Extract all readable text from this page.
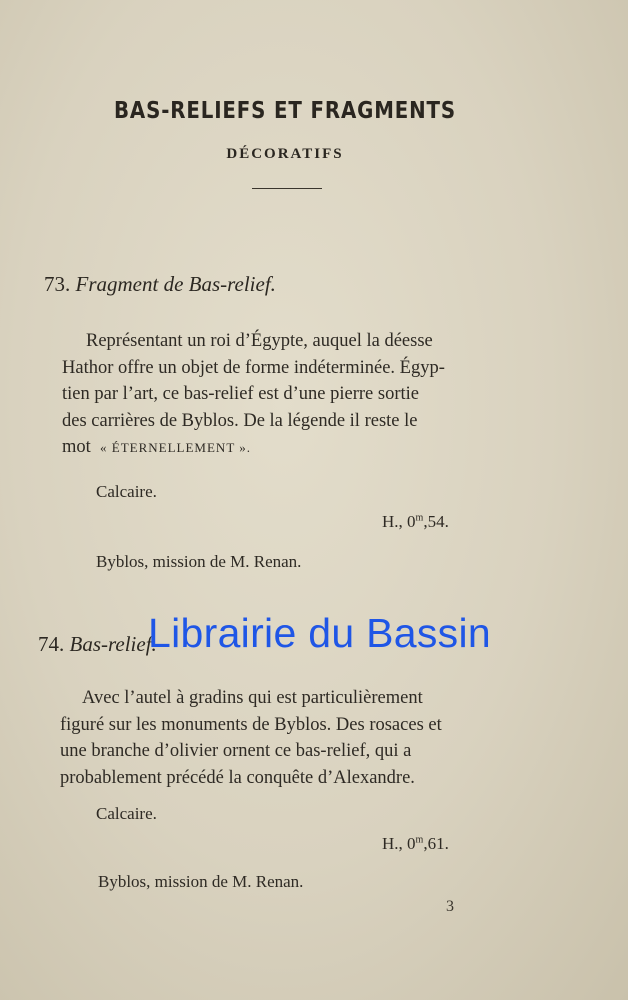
BAS-RELIEFS ET FRAGMENTS
DÉCORATIFS
73. Fragment de Bas-relief.
Représentant un roi d’Égypte, auquel la déesse
Hathor offre un objet de forme indéterminée. Égyp-
tien par l’art, ce bas-relief est d’une pierre sortie
des carrières de Byblos. De la légende il reste le
mot « ÉTERNELLEMENT ».
Calcaire.
H., 0$^m$,54.
Byblos, mission de M. Renan.
74. Bas-relief.
Librairie du Bassin
Avec l’autel à gradins qui est particulièrement
figuré sur les monuments de Byblos. Des rosaces et
une branche d’olivier ornent ce bas-relief, qui a
probablement précédé la conquête d’Alexandre.
Calcaire.
H., 0$^m$,61.
Byblos, mission de M. Renan.
3
